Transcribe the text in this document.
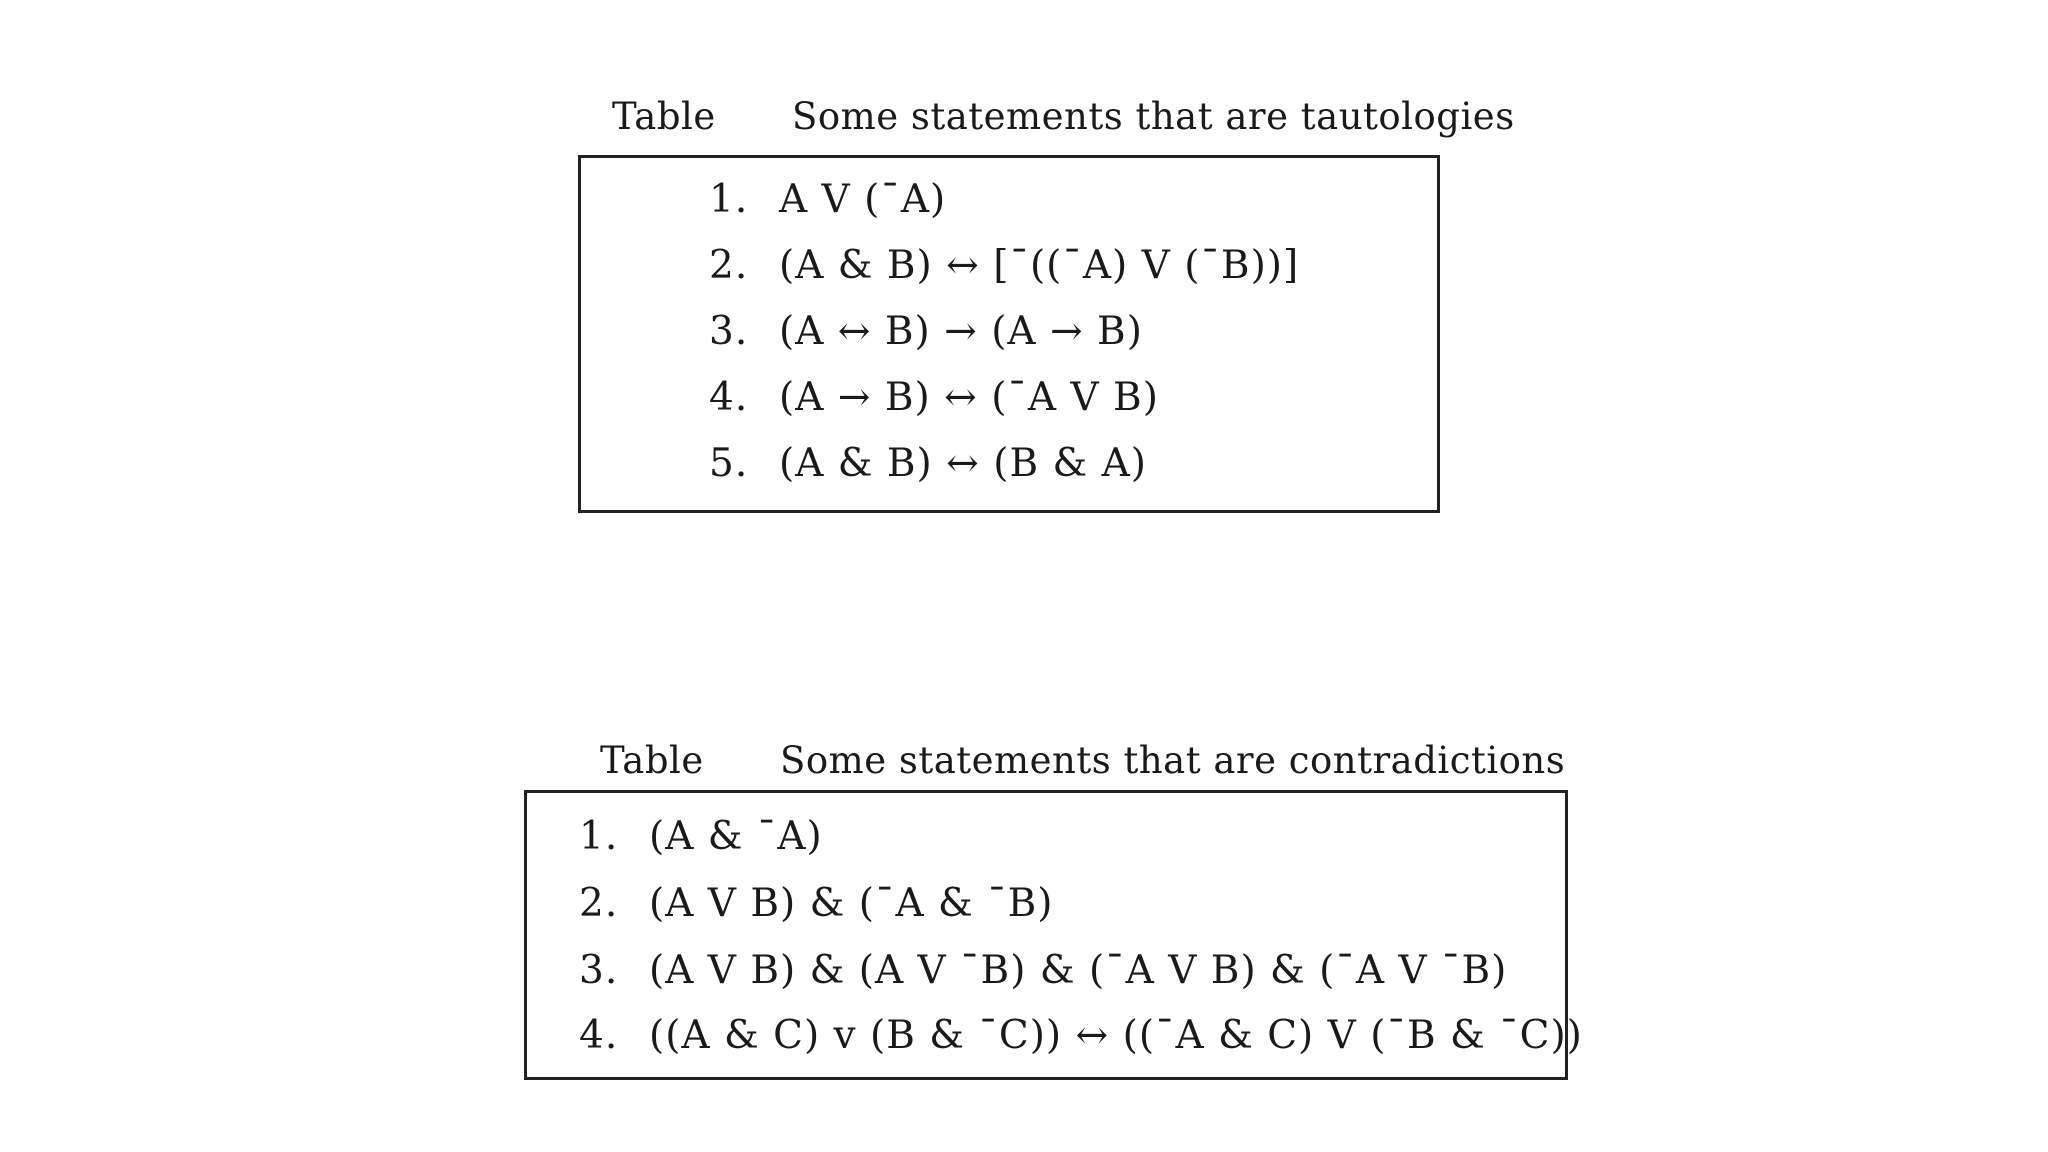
Table Some statements that are tautologies
1. A V (¯A)
2. (A & B) ↔ [¯((¯A) V (¯B))]
3. (A ↔ B) → (A → B)
4. (A → B) ↔ (¯A V B)
5. (A & B) ↔ (B & A)
Table Some statements that are contradictions
1. (A & ¯A)
2. (A V B) & (¯A & ¯B)
3. (A V B) & (A V ¯B) & (¯A V B) & (¯A V ¯B)
4. ((A & C) v (B & ¯C)) ↔ ((¯A & C) V (¯B & ¯C))
